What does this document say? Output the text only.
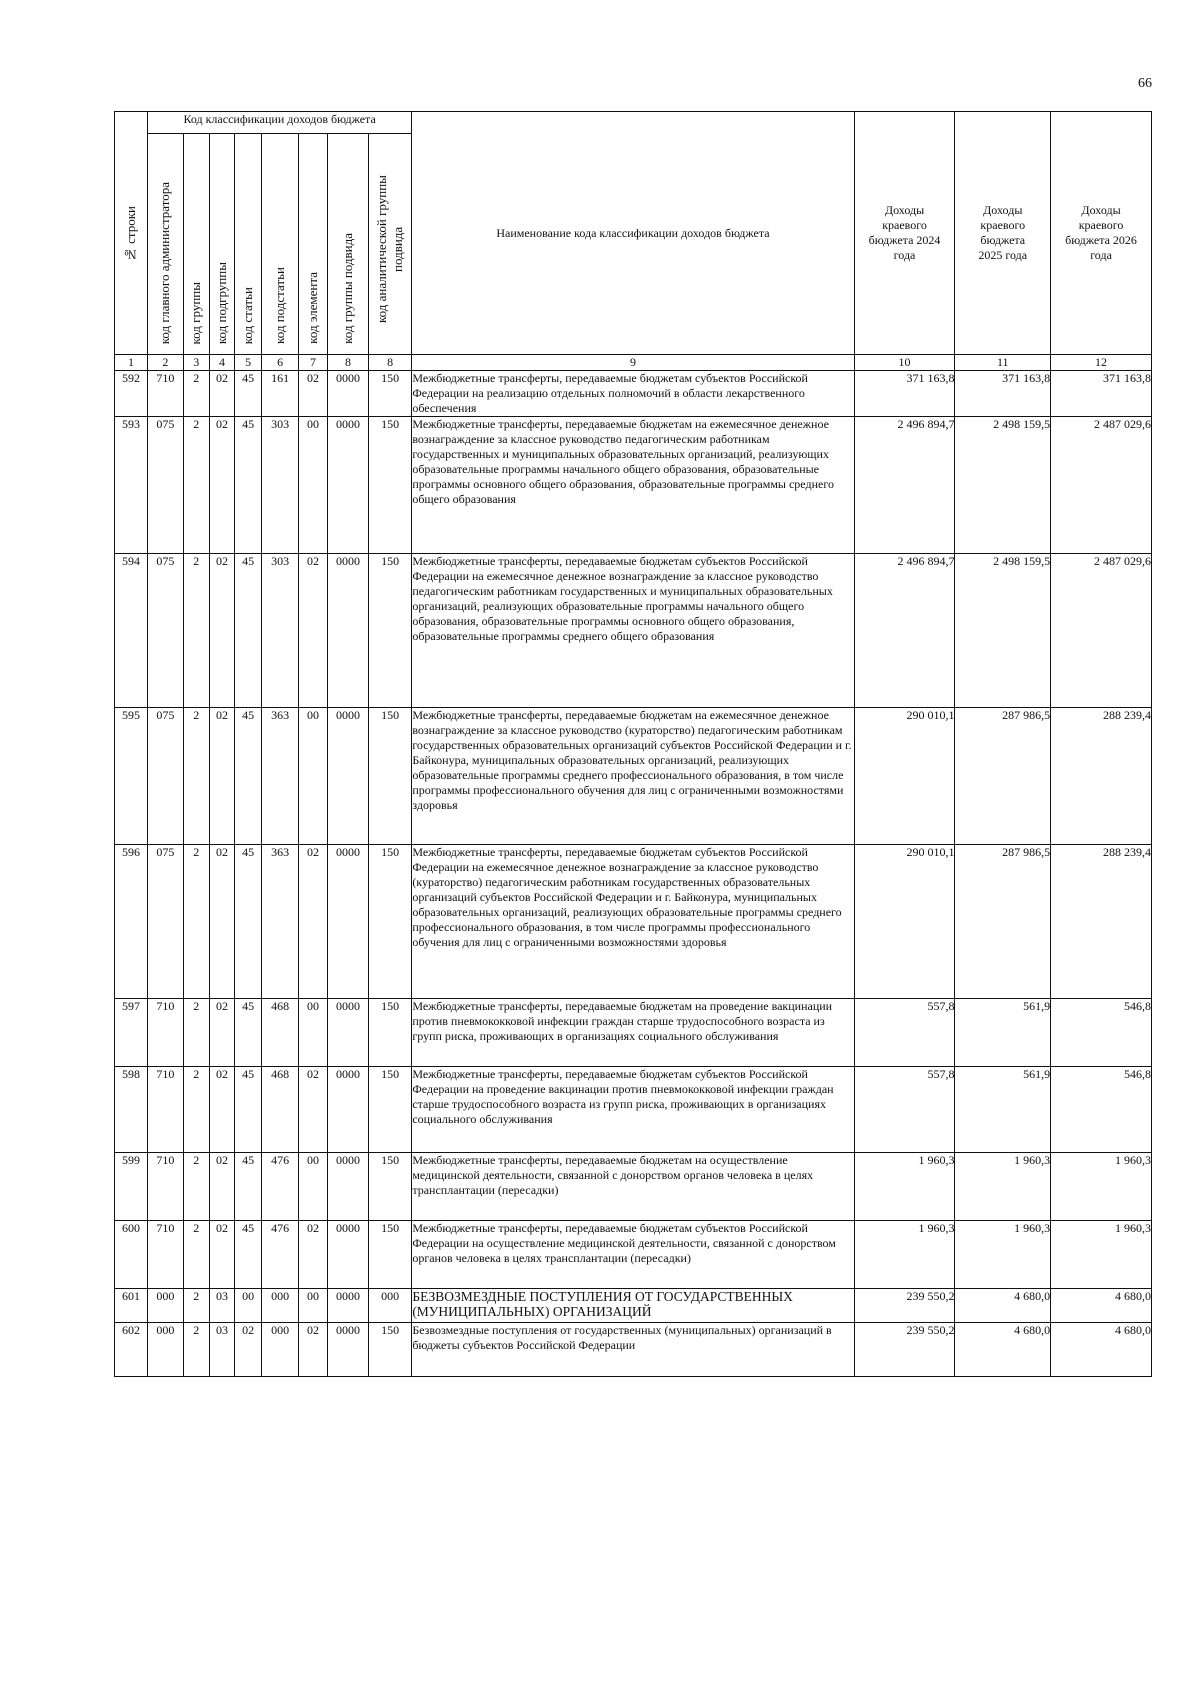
66
№ строки	Код классификации доходов бюджета								Наименование кода классификации доходов бюджета	Доходы краевого бюджета 2024 года	Доходы краевого бюджета 2025 года	Доходы краевого бюджета 2026 года

	код главного администратора	код группы	код подгруппы	код статьи	код подстатьи	код элемента	код группы подвида	код аналитической группы подвида				

1	2	3	4	5	6	7	8	8	9	10	11	12
592	710	2	02	45	161	02	0000	150	Межбюджетные трансферты, передаваемые бюджетам субъектов Российской Федерации на реализацию отдельных полномочий в области лекарственного обеспечения	371 163,8	371 163,8	371 163,8
593	075	2	02	45	303	00	0000	150	Межбюджетные трансферты, передаваемые бюджетам на ежемесячное денежное вознаграждение за классное руководство педагогическим работникам государственных и муниципальных образовательных организаций, реализующих образовательные программы начального общего образования, образовательные программы основного общего образования, образовательные программы среднего общего образования	2 496 894,7	2 498 159,5	2 487 029,6
594	075	2	02	45	303	02	0000	150	Межбюджетные трансферты, передаваемые бюджетам субъектов Российской Федерации на ежемесячное денежное вознаграждение за классное руководство педагогическим работникам государственных и муниципальных образовательных организаций, реализующих образовательные программы начального общего образования, образовательные программы основного общего образования, образовательные программы среднего общего образования	2 496 894,7	2 498 159,5	2 487 029,6
595	075	2	02	45	363	00	0000	150	Межбюджетные трансферты, передаваемые бюджетам на ежемесячное денежное вознаграждение за классное руководство (кураторство) педагогическим работникам государственных образовательных организаций субъектов Российской Федерации и г. Байконура, муниципальных образовательных организаций, реализующих образовательные программы среднего профессионального образования, в том числе программы профессионального обучения для лиц с ограниченными возможностями здоровья	290 010,1	287 986,5	288 239,4
596	075	2	02	45	363	02	0000	150	Межбюджетные трансферты, передаваемые бюджетам субъектов Российской Федерации на ежемесячное денежное вознаграждение за классное руководство (кураторство) педагогическим работникам государственных образовательных организаций субъектов Российской Федерации и г. Байконура, муниципальных образовательных организаций, реализующих образовательные программы среднего профессионального образования, в том числе программы профессионального обучения для лиц с ограниченными возможностями здоровья	290 010,1	287 986,5	288 239,4
597	710	2	02	45	468	00	0000	150	Межбюджетные трансферты, передаваемые бюджетам на проведение вакцинации против пневмококковой инфекции граждан старше трудоспособного возраста из групп риска, проживающих в организациях социального обслуживания	557,8	561,9	546,8
598	710	2	02	45	468	02	0000	150	Межбюджетные трансферты, передаваемые бюджетам субъектов Российской Федерации на проведение вакцинации против пневмококковой инфекции граждан старше трудоспособного возраста из групп риска, проживающих в организациях социального обслуживания	557,8	561,9	546,8
599	710	2	02	45	476	00	0000	150	Межбюджетные трансферты, передаваемые бюджетам на осуществление медицинской деятельности, связанной с донорством органов человека в целях трансплантации (пересадки)	1 960,3	1 960,3	1 960,3
600	710	2	02	45	476	02	0000	150	Межбюджетные трансферты, передаваемые бюджетам субъектов Российской Федерации на осуществление медицинской деятельности, связанной с донорством органов человека в целях трансплантации (пересадки)	1 960,3	1 960,3	1 960,3
601	000	2	03	00	000	00	0000	000	БЕЗВОЗМЕЗДНЫЕ ПОСТУПЛЕНИЯ ОТ ГОСУДАРСТВЕННЫХ (МУНИЦИПАЛЬНЫХ) ОРГАНИЗАЦИЙ	239 550,2	4 680,0	4 680,0
602	000	2	03	02	000	02	0000	150	Безвозмездные поступления от государственных (муниципальных) организаций в бюджеты субъектов Российской Федерации	239 550,2	4 680,0	4 680,0
